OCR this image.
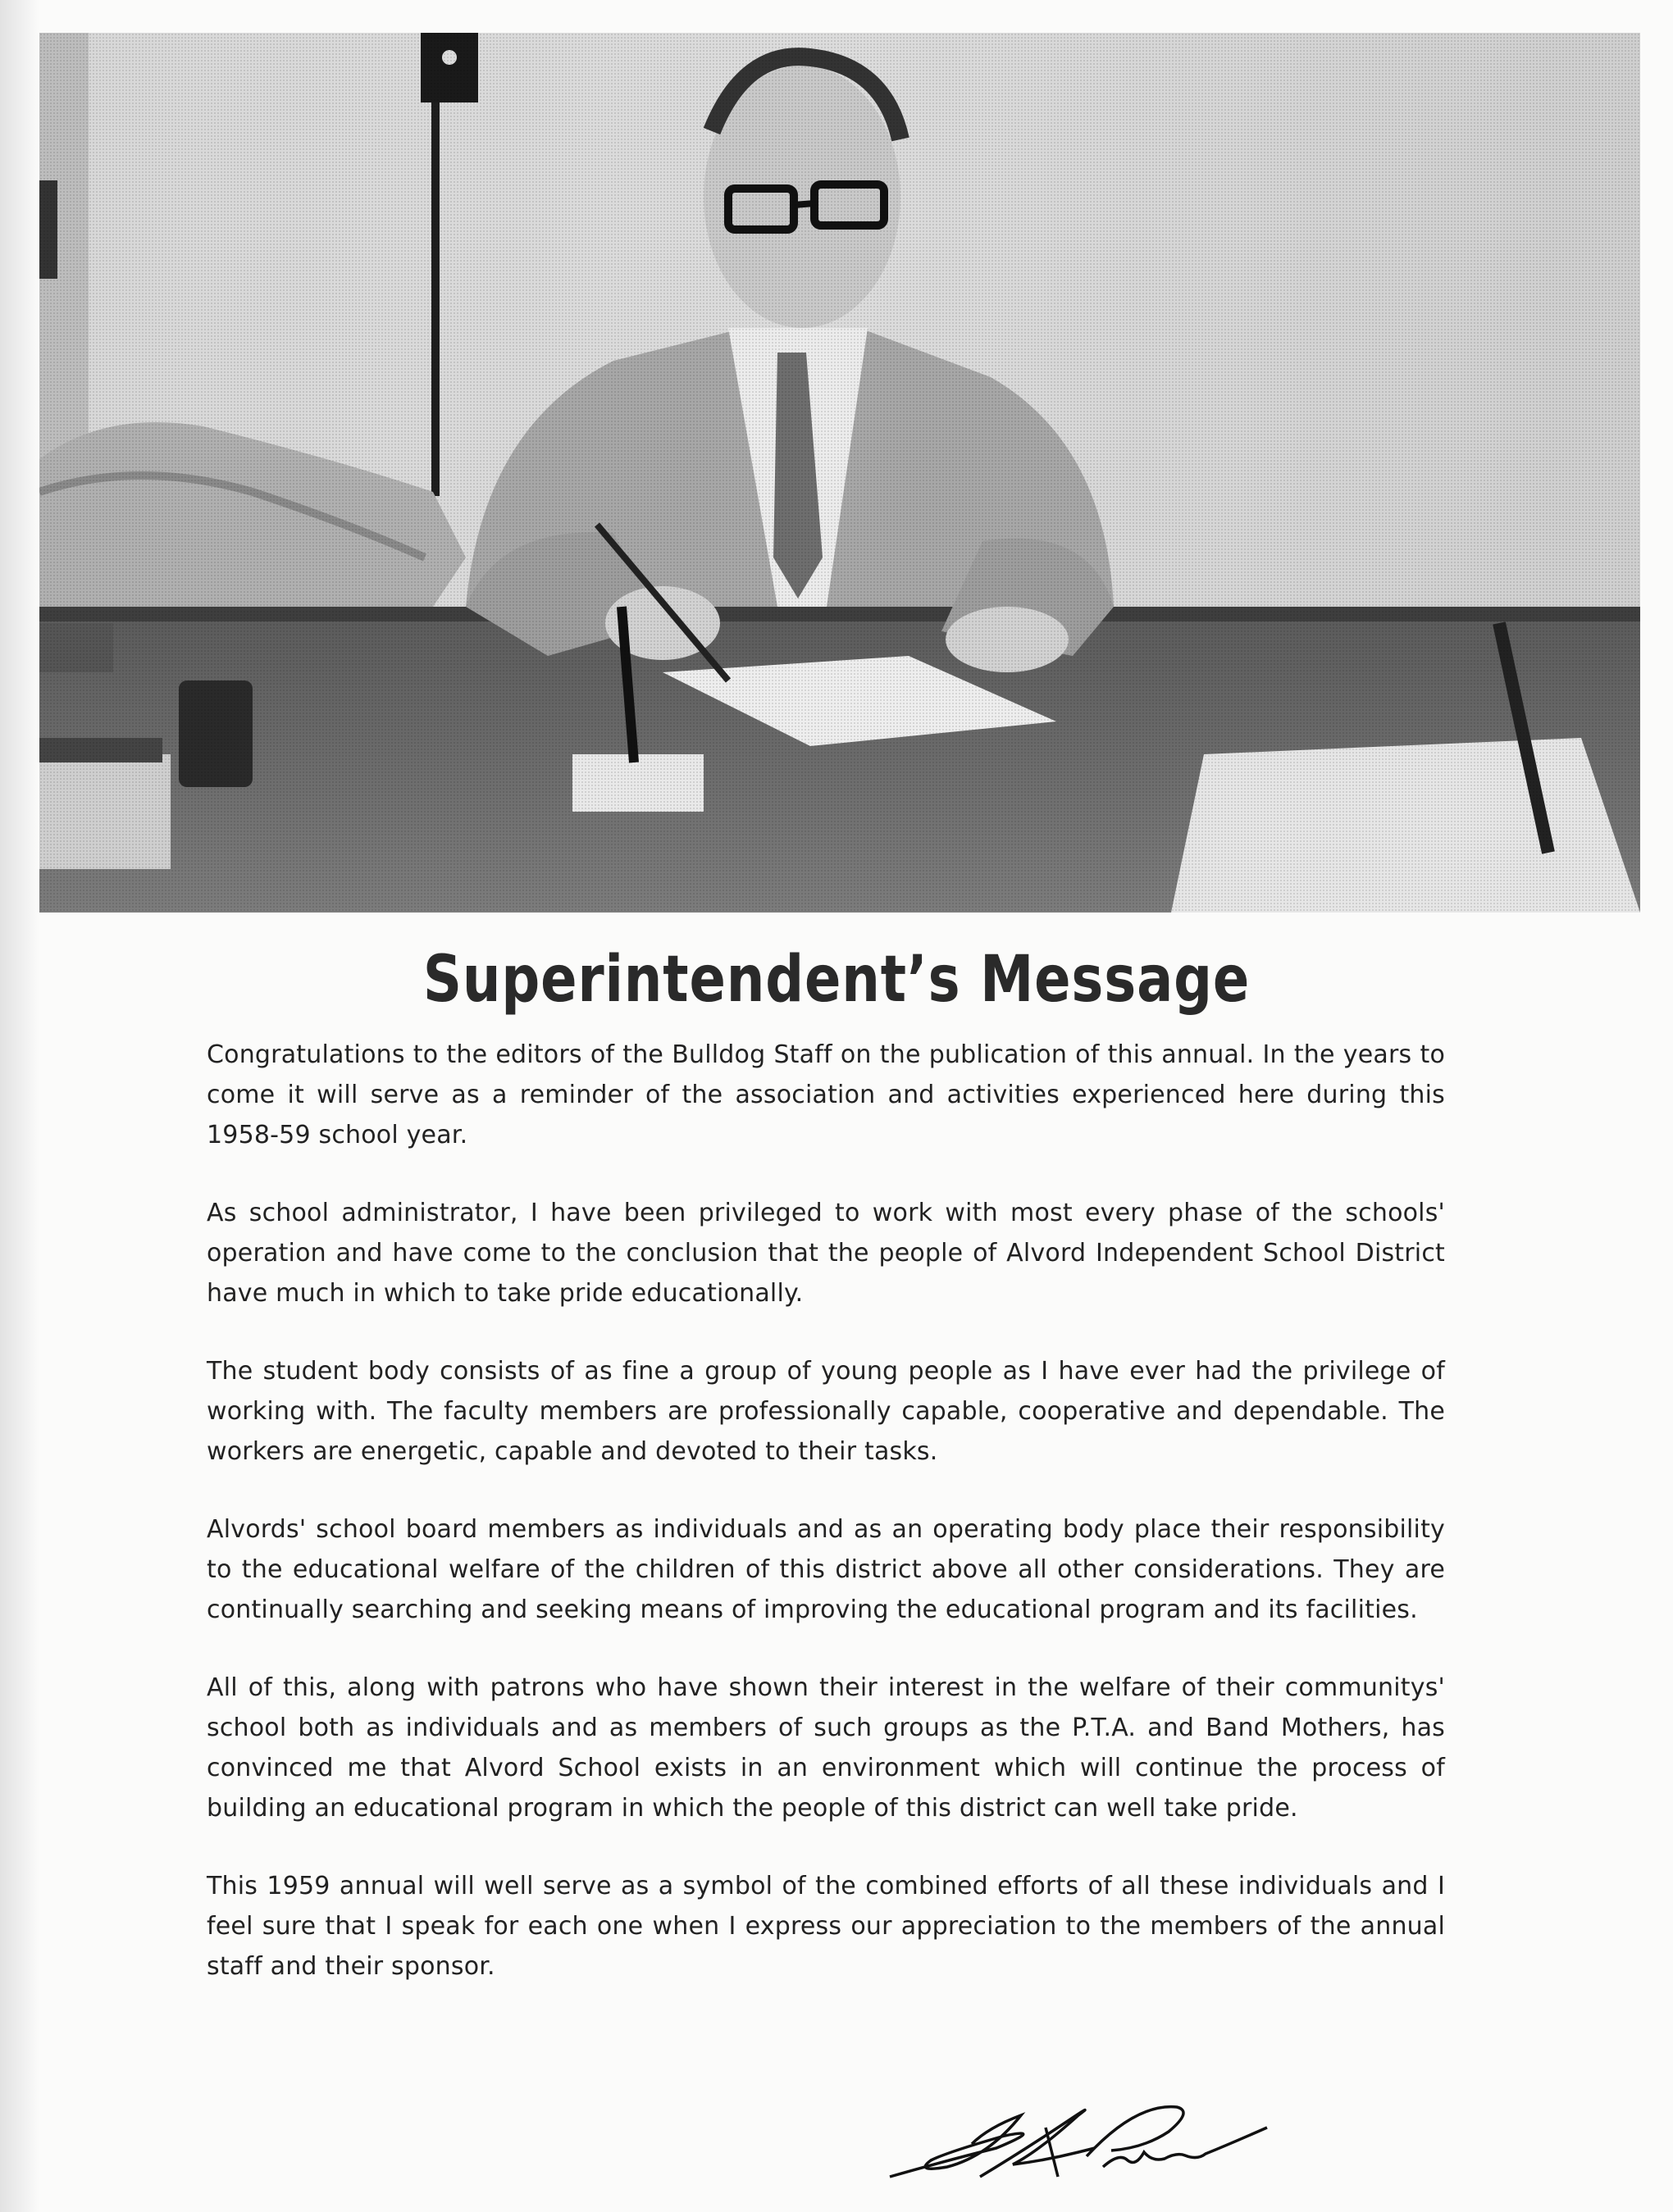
Superintendent’s Message

Congratulations to the editors of the Bulldog Staff on the publication of this annual. In the years to come it will serve as a reminder of the association and activities experienced here during this 1958-59 school year.

As school administrator, I have been privileged to work with most every phase of the schools' operation and have come to the conclusion that the people of Alvord Independent School District have much in which to take pride educationally.

The student body consists of as fine a group of young people as I have ever had the privilege of working with. The faculty members are professionally capable, cooperative and dependable. The workers are energetic, capable and devoted to their tasks.

Alvords' school board members as individuals and as an operating body place their responsibility to the educational welfare of the children of this district above all other considerations. They are continually searching and seeking means of improving the educational program and its facilities.

All of this, along with patrons who have shown their interest in the welfare of their communitys' school both as individuals and as members of such groups as the P.T.A. and Band Mothers, has convinced me that Alvord School exists in an environment which will continue the process of building an educational program in which the people of this district can well take pride.

This 1959 annual will well serve as a symbol of the combined efforts of all these individuals and I feel sure that I speak for each one when I express our appreciation to the members of the annual staff and their sponsor.
